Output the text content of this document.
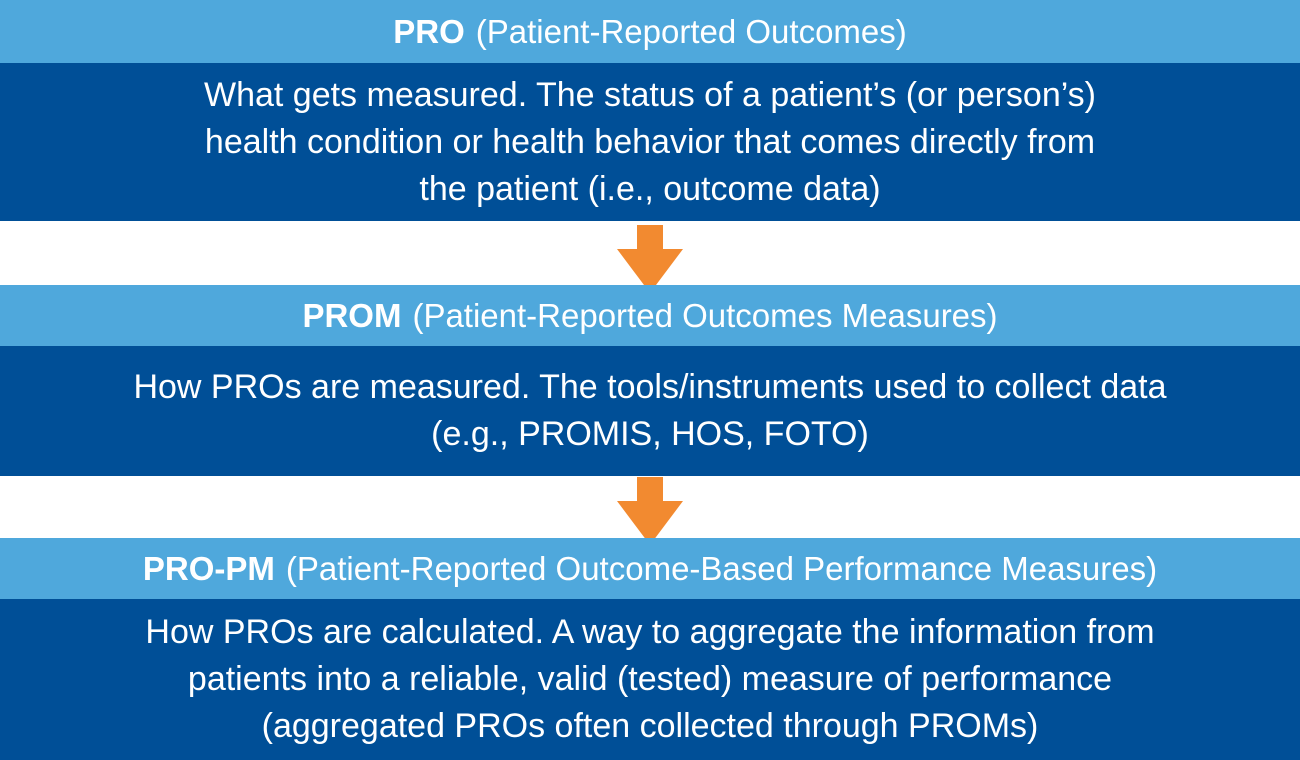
PRO (Patient-Reported Outcomes)
What gets measured. The status of a patient’s (or person’s)
health condition or health behavior that comes directly from
the patient (i.e., outcome data)
PROM (Patient-Reported Outcomes Measures)
How PROs are measured. The tools/instruments used to collect data
(e.g., PROMIS, HOS, FOTO)
PRO-PM (Patient-Reported Outcome-Based Performance Measures)
How PROs are calculated. A way to aggregate the information from
patients into a reliable, valid (tested) measure of performance
(aggregated PROs often collected through PROMs)
